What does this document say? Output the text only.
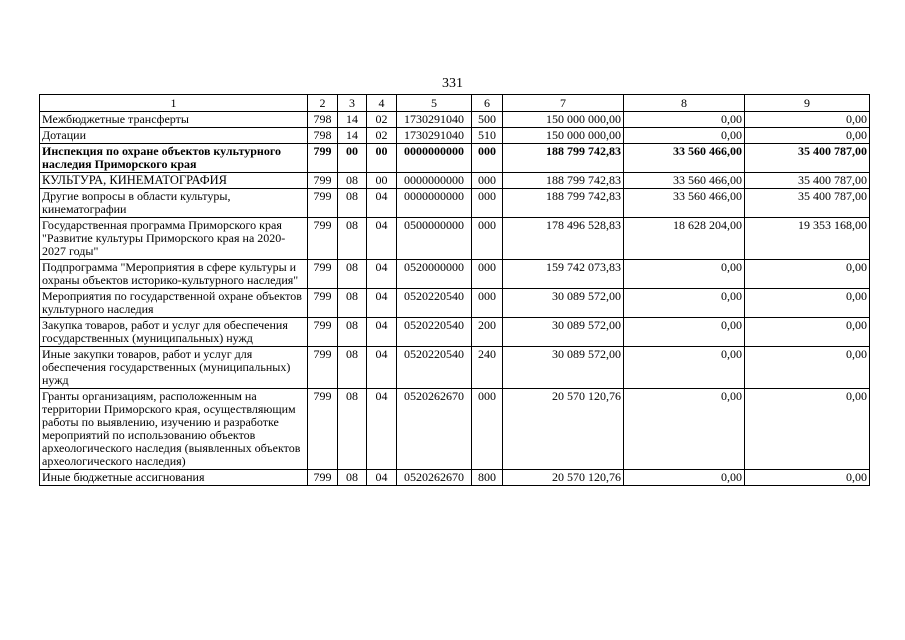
331
1	2	3	4	5	6	7	8	9
Межбюджетные трансферты	798	14	02	1730291040	500	150 000 000,00	0,00	0,00
Дотации	798	14	02	1730291040	510	150 000 000,00	0,00	0,00
Инспекция по охране объектов культурного наследия Приморского края	799	00	00	0000000000	000	188 799 742,83	33 560 466,00	35 400 787,00
КУЛЬТУРА, КИНЕМАТОГРАФИЯ	799	08	00	0000000000	000	188 799 742,83	33 560 466,00	35 400 787,00
Другие вопросы в области культуры, кинематографии	799	08	04	0000000000	000	188 799 742,83	33 560 466,00	35 400 787,00
Государственная программа Приморского края "Развитие культуры Приморского края на 2020-2027 годы"	799	08	04	0500000000	000	178 496 528,83	18 628 204,00	19 353 168,00
Подпрограмма "Мероприятия в сфере культуры и охраны объектов историко-культурного наследия"	799	08	04	0520000000	000	159 742 073,83	0,00	0,00
Мероприятия по государственной охране объектов культурного наследия	799	08	04	0520220540	000	30 089 572,00	0,00	0,00
Закупка товаров, работ и услуг для обеспечения государственных (муниципальных) нужд	799	08	04	0520220540	200	30 089 572,00	0,00	0,00
Иные закупки товаров, работ и услуг для обеспечения государственных (муниципальных) нужд	799	08	04	0520220540	240	30 089 572,00	0,00	0,00
Гранты организациям, расположенным на территории Приморского края, осуществляющим работы по выявлению, изучению и разработке мероприятий по использованию объектов археологического наследия (выявленных объектов археологического наследия)	799	08	04	0520262670	000	20 570 120,76	0,00	0,00
Иные бюджетные ассигнования	799	08	04	0520262670	800	20 570 120,76	0,00	0,00
